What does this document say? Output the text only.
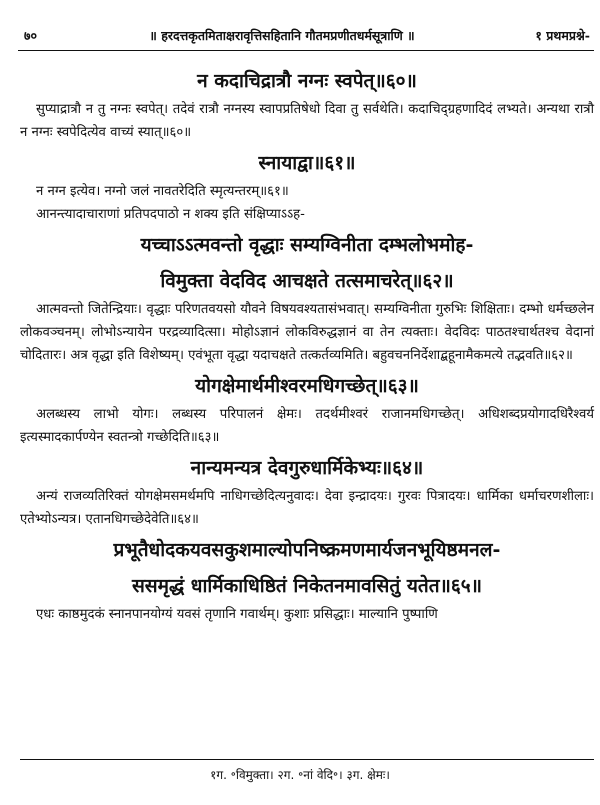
७०	॥ हरदत्तकृतमिताक्षरावृत्तिसहितानि गौतमप्रणीतधर्मसूत्राणि ॥	१ प्रथमप्रश्ने-

न कदाचिद्रात्रौ नग्नः स्वपेत्॥६०॥

सुप्याद्रात्रौ न तु नग्नः स्वपेत्। तदेवं रात्रौ नग्नस्य स्वापप्रतिषेधो दिवा तु सर्वथेति। कदाचिद्ग्रहणादिदं लभ्यते। अन्यथा रात्रौ न नग्नः स्वपेदित्येव वाच्यं स्यात्॥६०॥

स्नायाद्वा॥६१॥

न नग्न इत्येव। नग्नो जलं नावतरेदिति स्मृत्यन्तरम्॥६१॥

आनन्त्यादाचाराणां प्रतिपदपाठो न शक्य इति संक्षिप्याऽऽह-

यच्चाऽऽत्मवन्तो वृद्धाः सम्यग्विनीता दम्भलोभमोह-

विमुक्ता वेदविद आचक्षते तत्समाचरेत्॥६२॥

आत्मवन्तो जितेन्द्रियाः। वृद्धाः परिणतवयसो यौवने विषयवश्यतासंभवात्। सम्यग्विनीता गुरुभिः शिक्षिताः। दम्भो धर्मच्छलेन लोकवञ्चनम्। लोभोऽन्यायेन परद्रव्यादित्सा। मोहोऽज्ञानं लोकविरुद्धज्ञानं वा तेन त्यक्ताः। वेदविदः पाठतश्चार्थतश्च वेदानां चोदितारः। अत्र वृद्धा इति विशेष्यम्। एवंभूता वृद्धा यदाचक्षते तत्कर्तव्यमिति। बहुवचननिर्देशाद्बहूनामैकमत्ये तद्भवति॥६२॥

योगक्षेमार्थमीश्वरमधिगच्छेत्॥६३॥

अलब्धस्य लाभो योगः। लब्धस्य परिपालनं क्षेमः। तदर्थमीश्वरं राजानमधिगच्छेत्। अधिशब्दप्रयोगादधिरैश्वर्य इत्यस्मादकार्पण्येन स्वतन्त्रो गच्छेदिति॥६३॥

नान्यमन्यत्र देवगुरुधार्मिकेभ्यः॥६४॥

अन्यं राजव्यतिरिक्तं योगक्षेमसमर्थमपि नाधिगच्छेदित्यनुवादः। देवा इन्द्रादयः। गुरवः पित्रादयः। धार्मिका धर्माचरणशीलाः। एतेभ्योऽन्यत्र। एतानधिगच्छेदेवेति॥६४॥

प्रभूतैधोदकयवसकुशमाल्योपनिष्क्रमणमार्यजनभूयिष्ठमनल-

ससमृद्धं धार्मिकाधिष्ठितं निकेतनमावसितुं यतेत॥६५॥

एधः काष्ठमुदकं स्नानपानयोग्यं यवसं तृणानि गवार्थम्। कुशाः प्रसिद्धाः। माल्यानि पुष्पाणि

१ग. ॰विमुक्ता। २ग. ॰नां वेदि॰। ३ग. क्षेमः।
